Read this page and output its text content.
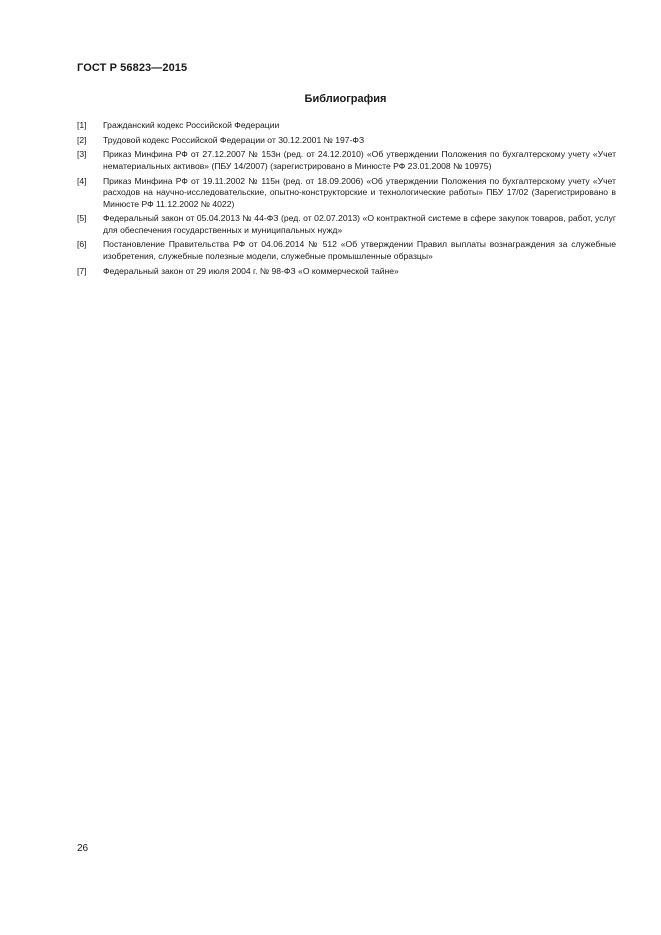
ГОСТ Р 56823—2015
Библиография
[1]	Гражданский кодекс Российской Федерации
[2]	Трудовой кодекс Российской Федерации от 30.12.2001 № 197-ФЗ
[3]	Приказ Минфина РФ от 27.12.2007 № 153н (ред. от 24.12.2010) «Об утверждении Положения по бухгалтерскому учету «Учет нематериальных активов» (ПБУ 14/2007) (зарегистрировано в Минюсте РФ 23.01.2008 № 10975)
[4]	Приказ Минфина РФ от 19.11.2002 № 115н (ред. от 18.09.2006) «Об утверждении Положения по бухгалтерскому учету «Учет расходов на научно-исследовательские, опытно-конструкторские и технологические работы» ПБУ 17/02 (Зарегистрировано в Минюсте РФ 11.12.2002 № 4022)
[5]	Федеральный закон от 05.04.2013 № 44-ФЗ (ред. от 02.07.2013) «О контрактной системе в сфере закупок товаров, работ, услуг для обеспечения государственных и муниципальных нужд»
[6]	Постановление Правительства РФ от 04.06.2014 № 512 «Об утверждении Правил выплаты вознаграждения за служебные изобретения, служебные полезные модели, служебные промышленные образцы»
[7]	Федеральный закон от 29 июля 2004 г. № 98-ФЗ «О коммерческой тайне»
26
